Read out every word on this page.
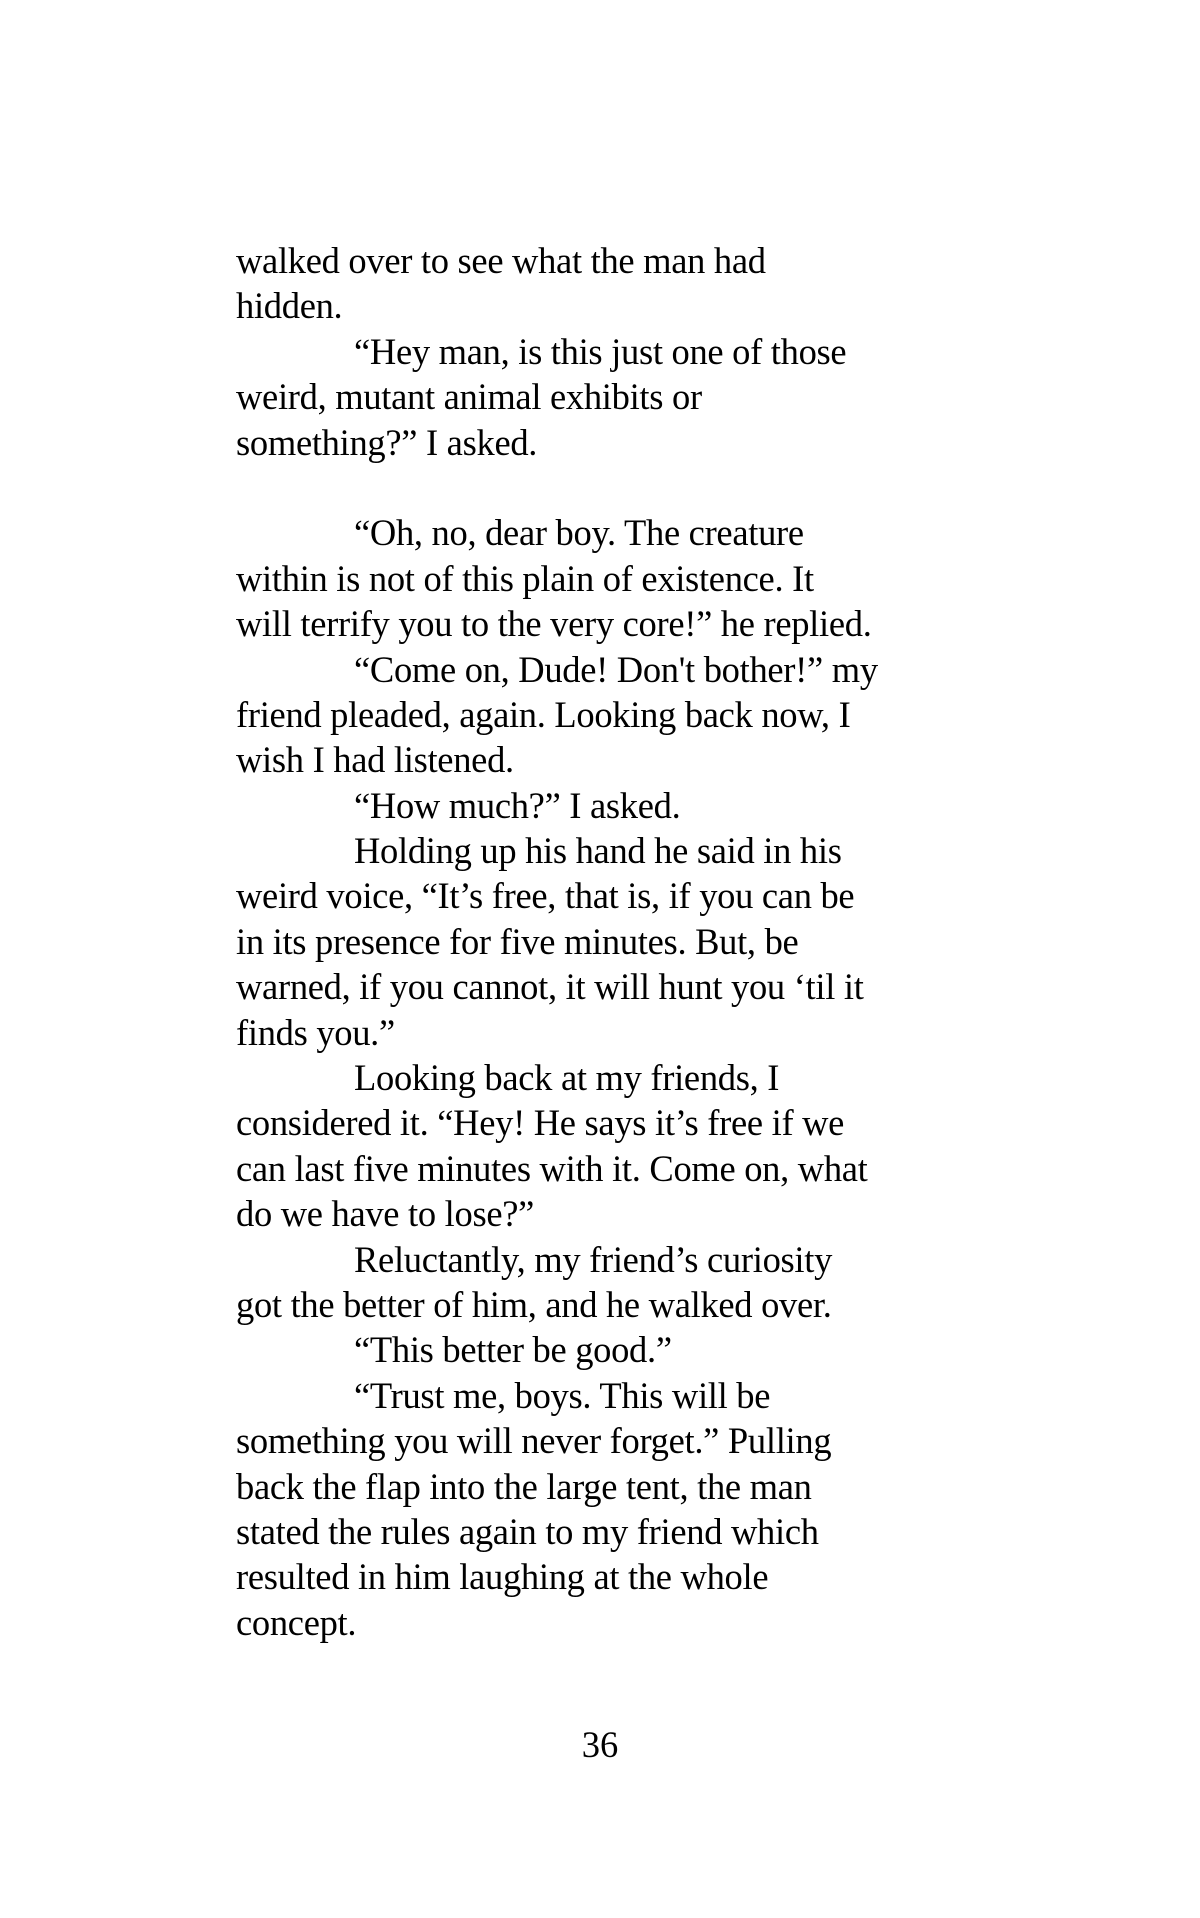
walked over to see what the man had
hidden.
“Hey man, is this just one of those
weird, mutant animal exhibits or
something?” I asked.
“Oh, no, dear boy. The creature
within is not of this plain of existence. It
will terrify you to the very core!” he replied.
“Come on, Dude! Don't bother!” my
friend pleaded, again. Looking back now, I
wish I had listened.
“How much?” I asked.
Holding up his hand he said in his
weird voice, “It’s free, that is, if you can be
in its presence for five minutes. But, be
warned, if you cannot, it will hunt you ‘til it
finds you.”
Looking back at my friends, I
considered it. “Hey! He says it’s free if we
can last five minutes with it. Come on, what
do we have to lose?”
Reluctantly, my friend’s curiosity
got the better of him, and he walked over.
“This better be good.”
“Trust me, boys. This will be
something you will never forget.” Pulling
back the flap into the large tent, the man
stated the rules again to my friend which
resulted in him laughing at the whole
concept.
36
